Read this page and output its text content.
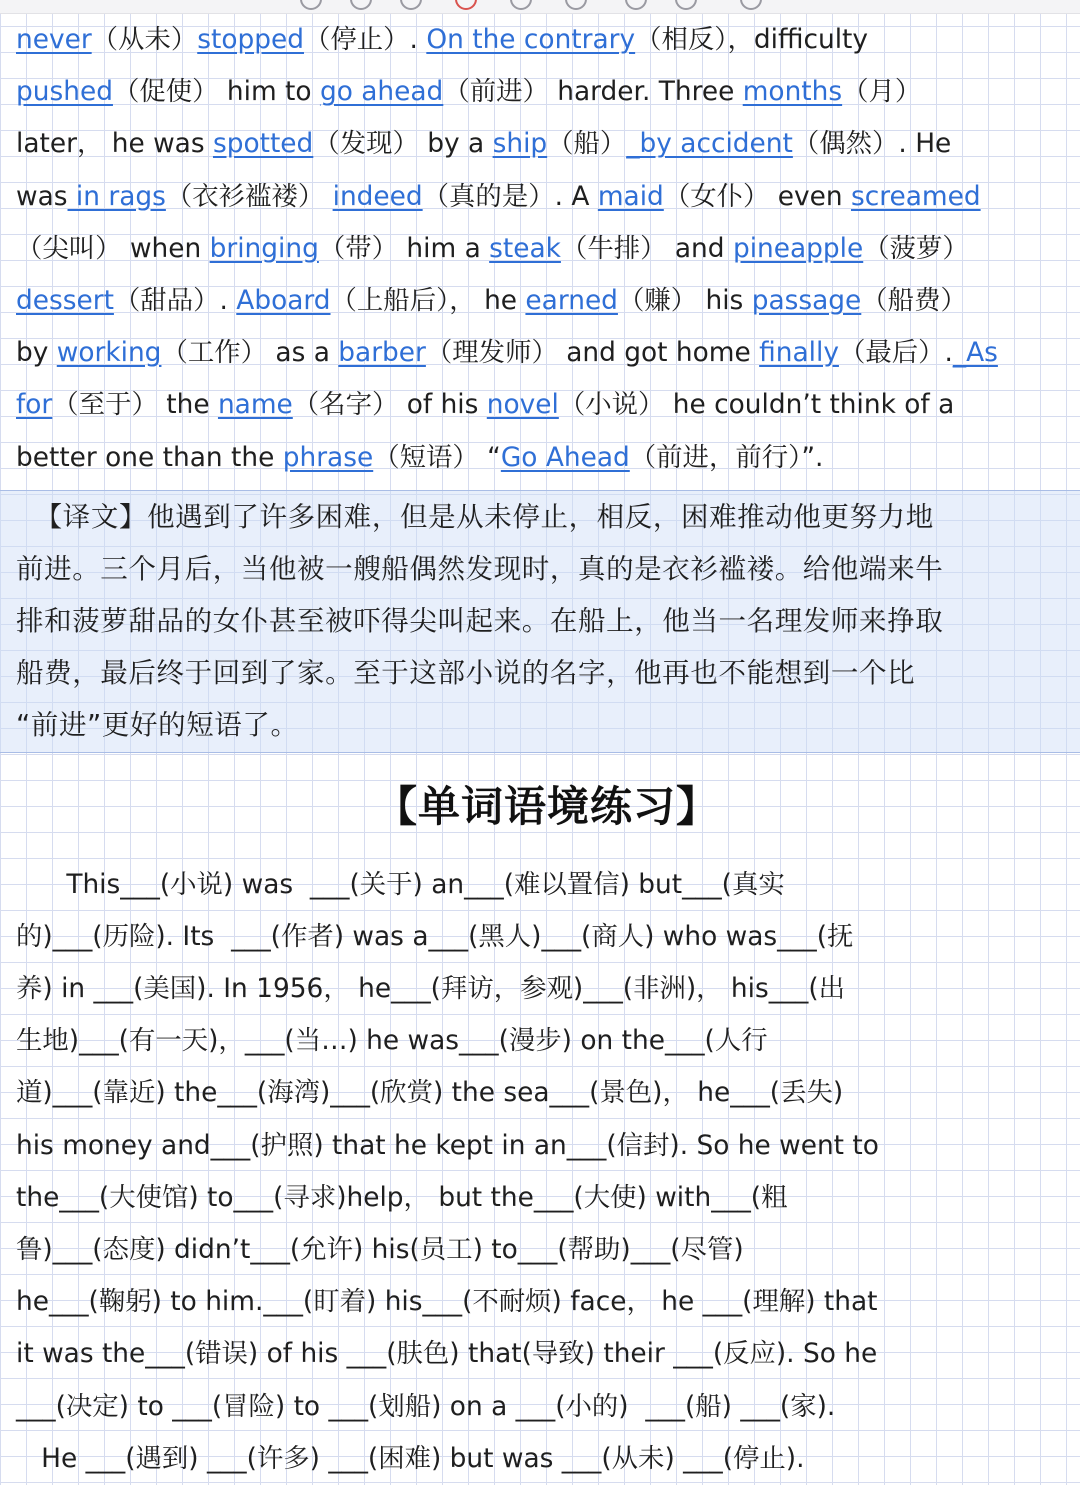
never（从未）stopped（停止）. On the contrary（相反），difficulty
pushed（促使） him to go ahead（前进） harder. Three months（月）
later， he was spotted（发现） by a ship（船）_by accident（偶然）. He
was in rags（衣衫褴褛） indeed（真的是）. A maid（女仆） even screamed
（尖叫） when bringing（带） him a steak（牛排） and pineapple（菠萝）
dessert（甜品）. Aboard（上船后）， he earned（赚） his passage（船费）
by working（工作） as a barber（理发师） and got home finally（最后）._As
for（至于） the name（名字） of his novel（小说） he couldn’t think of a
better one than the phrase（短语） “Go Ahead（前进，前行）”.
【译文】他遇到了许多困难，但是从未停止，相反，困难推动他更努力地
前进。三个月后，当他被一艘船偶然发现时，真的是衣衫褴褛。给他端来牛
排和菠萝甜品的女仆甚至被吓得尖叫起来。在船上，他当一名理发师来挣取
船费，最后终于回到了家。至于这部小说的名字，他再也不能想到一个比
“前进”更好的短语了。
【单词语境练习】
This___(小说) was  ___(关于) an___(难以置信) but___(真实
的)___(历险). Its  ___(作者) was a___(黑人)___(商人) who was___(抚
养) in ___(美国). In 1956， he___(拜访，参观)___(非洲)， his___(出
生地)___(有一天)，___(当…) he was___(漫步) on the___(人行
道)___(靠近) the___(海湾)___(欣赏) the sea___(景色)， he___(丢失)
his money and___(护照) that he kept in an___(信封). So he went to
the___(大使馆) to___(寻求)help， but the___(大使) with___(粗
鲁)___(态度) didn’t___(允许) his(员工) to___(帮助)___(尽管)
he___(鞠躬) to him.___(盯着) his___(不耐烦) face， he ___(理解) that
it was the___(错误) of his ___(肤色) that(导致) their ___(反应). So he
___(决定) to ___(冒险) to ___(划船) on a ___(小的)  ___(船) ___(家).
He ___(遇到) ___(许多) ___(困难) but was ___(从未) ___(停止).
